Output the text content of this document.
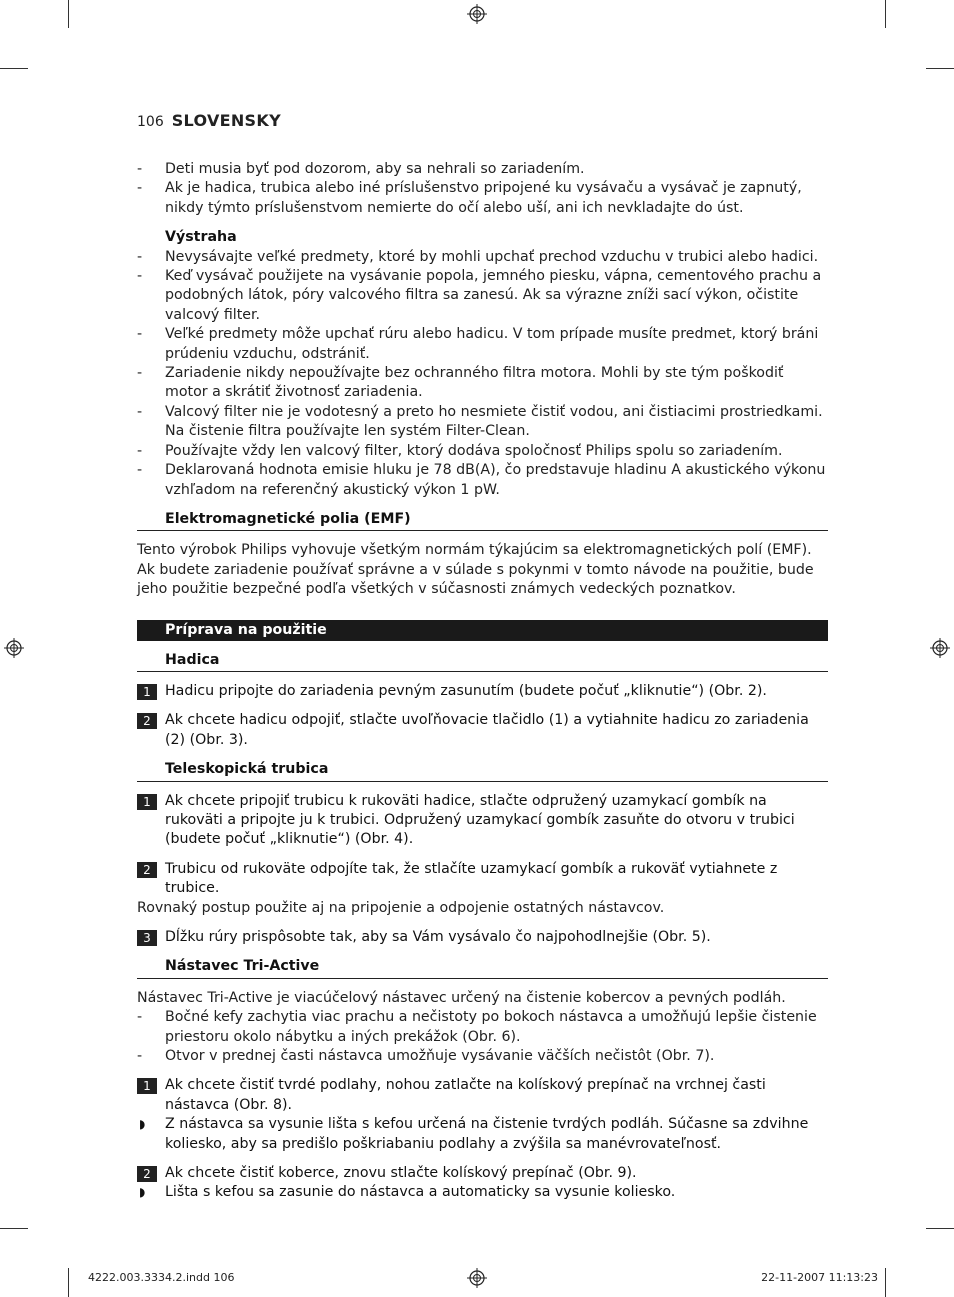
106 SLOVENSKY
- Deti musia byť pod dozorom, aby sa nehrali so zariadením.
- Ak je hadica, trubica alebo iné príslušenstvo pripojené ku vysávaču a vysávač je zapnutý, nikdy týmto príslušenstvom nemierte do očí alebo uší, ani ich nevkladajte do úst.
Výstraha
- Nevysávajte veľké predmety, ktoré by mohli upchať prechod vzduchu v trubici alebo hadici.
- Keď vysávač použijete na vysávanie popola, jemného piesku, vápna, cementového prachu a podobných látok, póry valcového filtra sa zanesú. Ak sa výrazne zníži sací výkon, očistite valcový filter.
- Veľké predmety môže upchať rúru alebo hadicu. V tom prípade musíte predmet, ktorý bráni prúdeniu vzduchu, odstrániť.
- Zariadenie nikdy nepoužívajte bez ochranného filtra motora. Mohli by ste tým poškodiť motor a skrátiť životnosť zariadenia.
- Valcový filter nie je vodotesný a preto ho nesmiete čistiť vodou, ani čistiacimi prostriedkami. Na čistenie filtra používajte len systém Filter-Clean.
- Používajte vždy len valcový filter, ktorý dodáva spoločnosť Philips spolu so zariadením.
- Deklarovaná hodnota emisie hluku je 78 dB(A), čo predstavuje hladinu A akustického výkonu vzhľadom na referenčný akustický výkon 1 pW.
Elektromagnetické polia (EMF)
Tento výrobok Philips vyhovuje všetkým normám týkajúcim sa elektromagnetických polí (EMF). Ak budete zariadenie používať správne a v súlade s pokynmi v tomto návode na použitie, bude jeho použitie bezpečné podľa všetkých v súčasnosti známych vedeckých poznatkov.
Príprava na použitie
Hadica
1 Hadicu pripojte do zariadenia pevným zasunutím (budete počuť „kliknutie“) (Obr. 2).
2 Ak chcete hadicu odpojiť, stlačte uvoľňovacie tlačidlo (1) a vytiahnite hadicu zo zariadenia (2) (Obr. 3).
Teleskopická trubica
1 Ak chcete pripojiť trubicu k rukoväti hadice, stlačte odpružený uzamykací gombík na rukoväti a pripojte ju k trubici. Odpružený uzamykací gombík zasuňte do otvoru v trubici (budete počuť „kliknutie“) (Obr. 4).
2 Trubicu od rukoväte odpojíte tak, že stlačíte uzamykací gombík a rukoväť vytiahnete z trubice.
Rovnaký postup použite aj na pripojenie a odpojenie ostatných nástavcov.
3 Dĺžku rúry prispôsobte tak, aby sa Vám vysávalo čo najpohodlnejšie (Obr. 5).
Nástavec Tri-Active
Nástavec Tri-Active je viacúčelový nástavec určený na čistenie kobercov a pevných podláh.
- Bočné kefy zachytia viac prachu a nečistoty po bokoch nástavca a umožňujú lepšie čistenie priestoru okolo nábytku a iných prekážok (Obr. 6).
- Otvor v prednej časti nástavca umožňuje vysávanie väčších nečistôt (Obr. 7).
1 Ak chcete čistiť tvrdé podlahy, nohou zatlačte na kolískový prepínač na vrchnej časti nástavca (Obr. 8).
◗ Z nástavca sa vysunie lišta s kefou určená na čistenie tvrdých podláh. Súčasne sa zdvihne koliesko, aby sa predišlo poškriabaniu podlahy a zvýšila sa manévrovateľnosť.
2 Ak chcete čistiť koberce, znovu stlačte kolískový prepínač (Obr. 9).
◗ Lišta s kefou sa zasunie do nástavca a automaticky sa vysunie koliesko.
4222.003.3334.2.indd 106	22-11-2007 11:13:23
